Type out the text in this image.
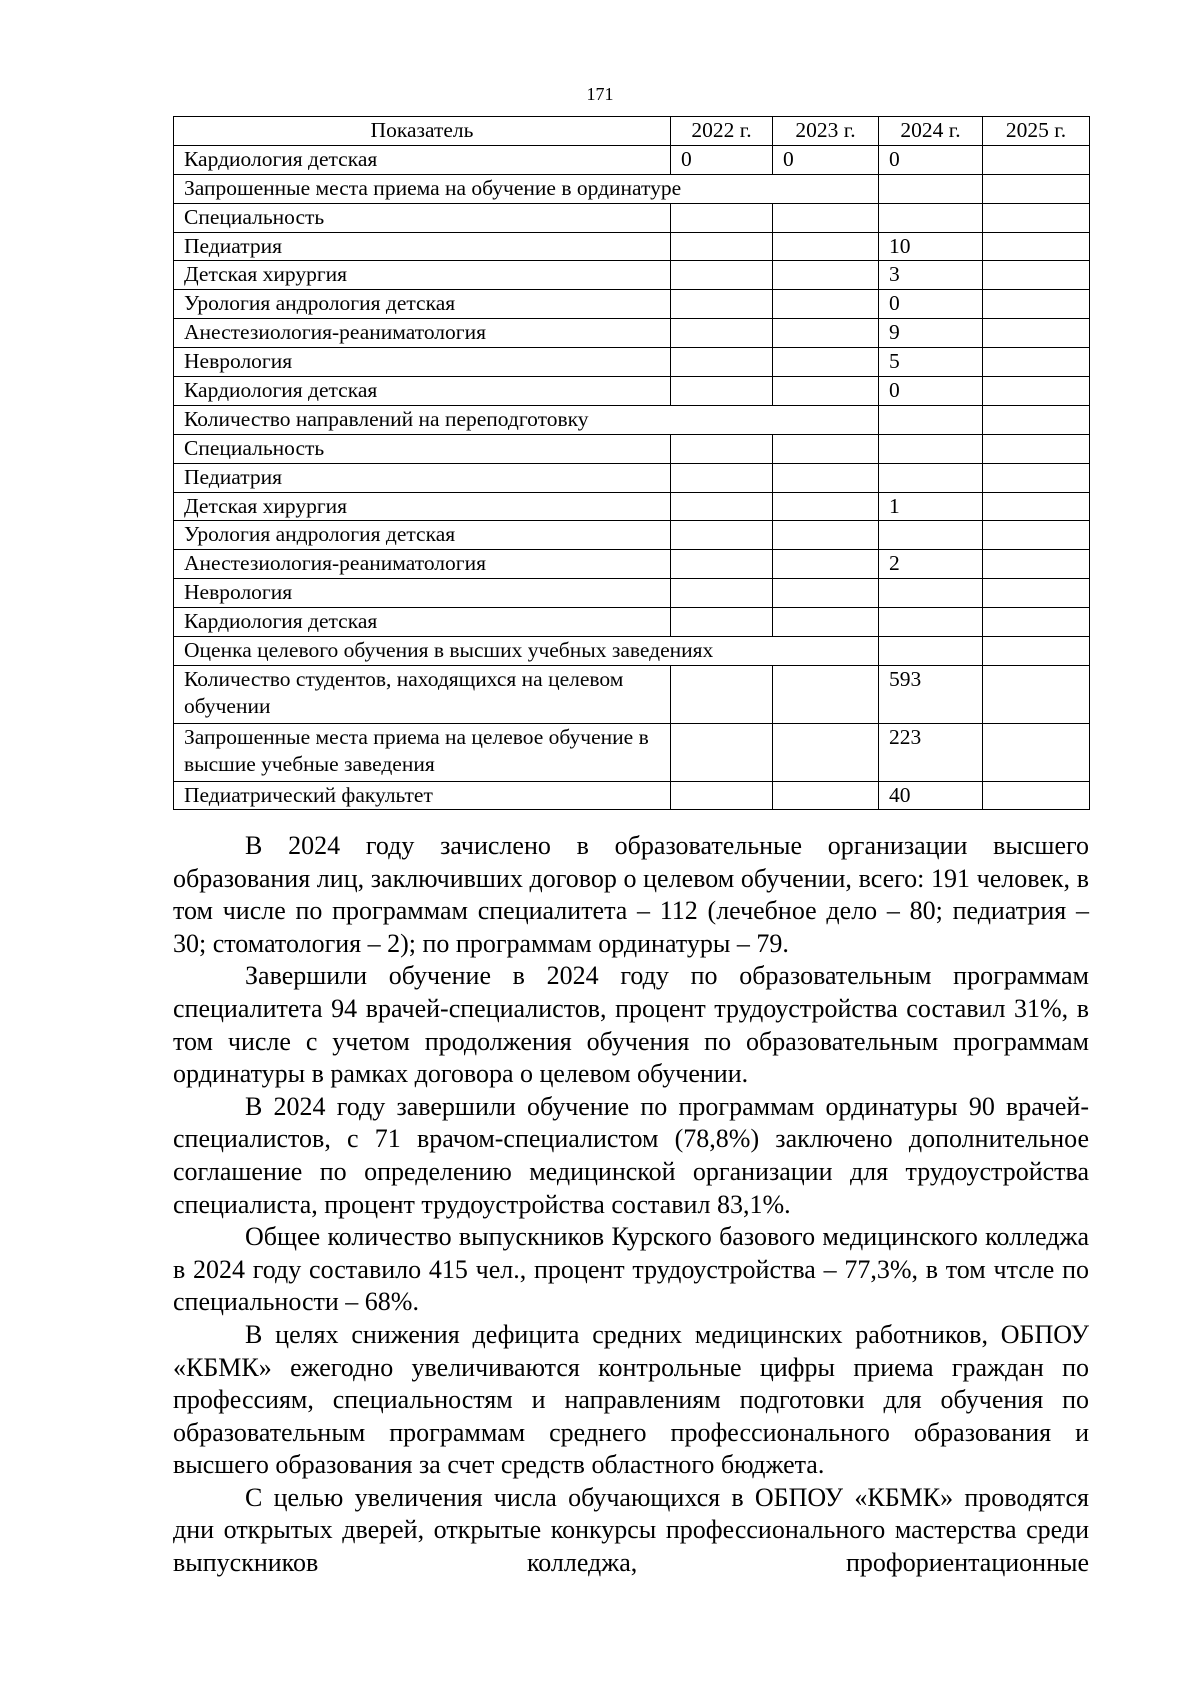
171
Показатель	2022 г.	2023 г.	2024 г.	2025 г.
Кардиология детская	0	0	0	
Запрошенные места приема на обучение в ординатуре				
Специальность				
Педиатрия			10	
Детская хирургия			3	
Урология андрология детская			0	
Анестезиология-реаниматология			9	
Неврология			5	
Кардиология детская			0	
Количество направлений на переподготовку				
Специальность				
Педиатрия				
Детская хирургия			1	
Урология андрология детская				
Анестезиология-реаниматология			2	
Неврология				
Кардиология детская				
Оценка целевого обучения в высших учебных заведениях				
Количество студентов, находящихся на целевом обучении			593	
Запрошенные места приема на целевое обучение в высшие учебные заведения			223	
Педиатрический факультет			40	

В 2024 году зачислено в образовательные организации высшего образования лиц, заключивших договор о целевом обучении, всего: 191 человек, в том числе по программам специалитета – 112 (лечебное дело – 80; педиатрия – 30; стоматология – 2); по программам ординатуры – 79.

Завершили обучение в 2024 году по образовательным программам специалитета 94 врачей-специалистов, процент трудоустройства составил 31%, в том числе с учетом продолжения обучения по образовательным программам ординатуры в рамках договора о целевом обучении.

В 2024 году завершили обучение по программам ординатуры 90 врачей-специалистов, с 71 врачом-специалистом (78,8%) заключено дополнительное соглашение по определению медицинской организации для трудоустройства специалиста, процент трудоустройства составил 83,1%.

Общее количество выпускников Курского базового медицинского колледжа в 2024 году составило 415 чел., процент трудоустройства – 77,3%, в том чтсле по специальности – 68%.

В целях снижения дефицита средних медицинских работников, ОБПОУ «КБМК» ежегодно увеличиваются контрольные цифры приема граждан по профессиям, специальностям и направлениям подготовки для обучения по образовательным программам среднего профессионального образования и высшего образования за счет средств областного бюджета.

С целью увеличения числа обучающихся в ОБПОУ «КБМК» проводятся дни открытых дверей, открытые конкурсы профессионального мастерства среди выпускников колледжа, профориентационные
